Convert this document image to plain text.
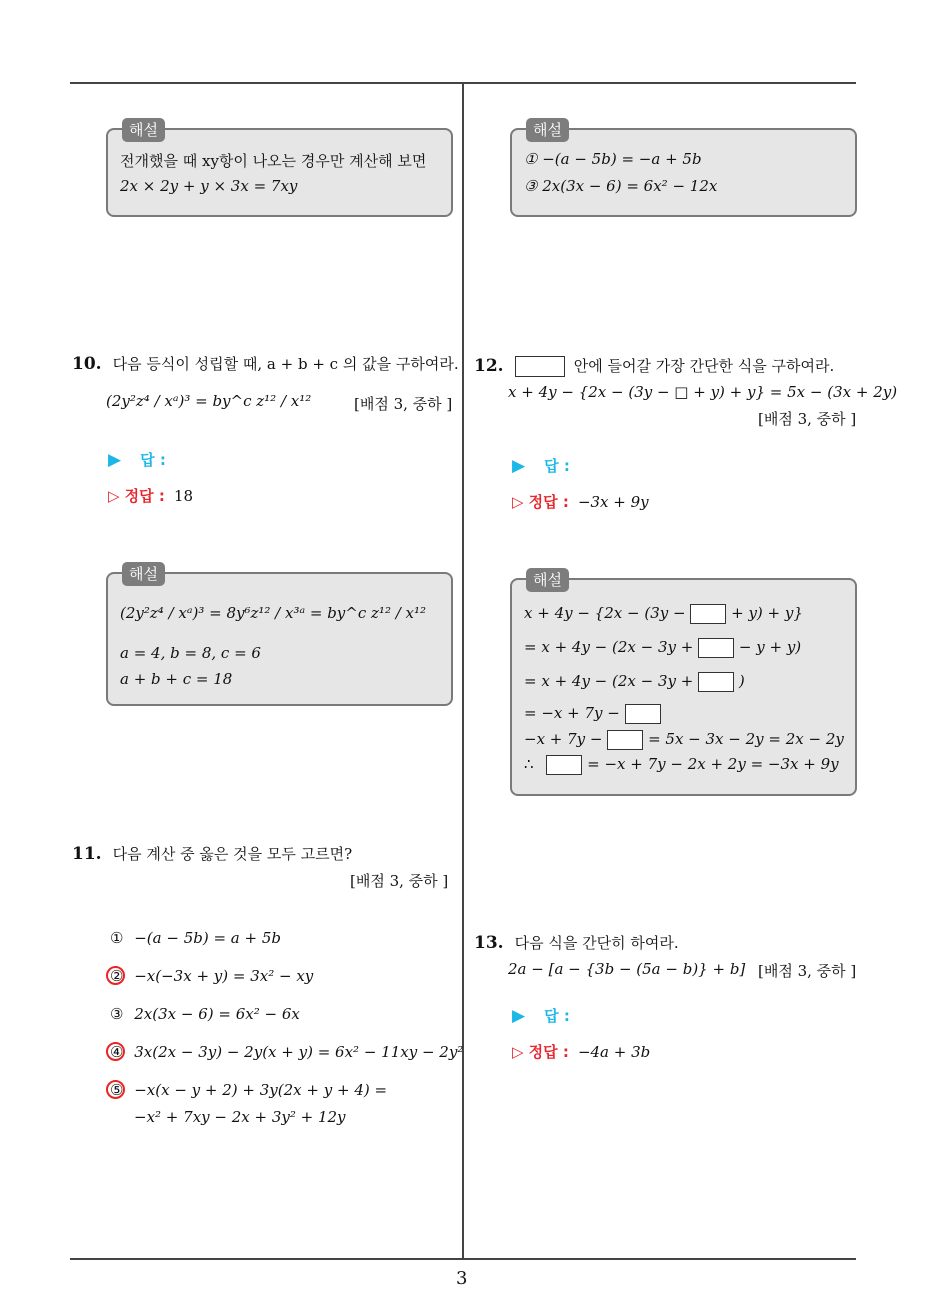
3
해설
전개했을 때 xy항이 나오는 경우만 계산해 보면
2x × 2y + y × 3x = 7xy
해설
① −(a − 5b) = −a + 5b
③ 2x(3x − 6) = 6x² − 12x
10. 다음 등식이 성립할 때, a + b + c 의 값을 구하여라.
(2y²z⁴ / xᵃ)³ = by^c z¹² / x¹²	[배점 3, 중하 ]
▶ 답 :
▷ 정답 : 18
해설
(2y²z⁴ / xᵃ)³ = 8y⁶z¹² / x³ᵃ = by^c z¹² / x¹²
a = 4, b = 8, c = 6
a + b + c = 18
11. 다음 계산 중 옳은 것을 모두 고르면?
[배점 3, 중하 ]
① −(a − 5b) = a + 5b
② −x(−3x + y) = 3x² − xy
③ 2x(3x − 6) = 6x² − 6x
④ 3x(2x − 3y) − 2y(x + y) = 6x² − 11xy − 2y²
⑤ −x(x − y + 2) + 3y(2x + y + 4) =
−x² + 7xy − 2x + 3y² + 12y
12.	안에 들어갈 가장 간단한 식을 구하여라.
x + 4y − {2x − (3y − □ + y) + y} = 5x − (3x + 2y)
[배점 3, 중하 ]
▶ 답 :
▷ 정답 : −3x + 9y
해설
x + 4y − {2x − (3y −	+ y) + y}
= x + 4y − (2x − 3y +	− y + y)
= x + 4y − (2x − 3y +	)
= −x + 7y −
−x + 7y −	= 5x − 3x − 2y = 2x − 2y
∴	= −x + 7y − 2x + 2y = −3x + 9y
13. 다음 식을 간단히 하여라.
2a − [a − {3b − (5a − b)} + b] [배점 3, 중하 ]
▶ 답 :
▷ 정답 : −4a + 3b
